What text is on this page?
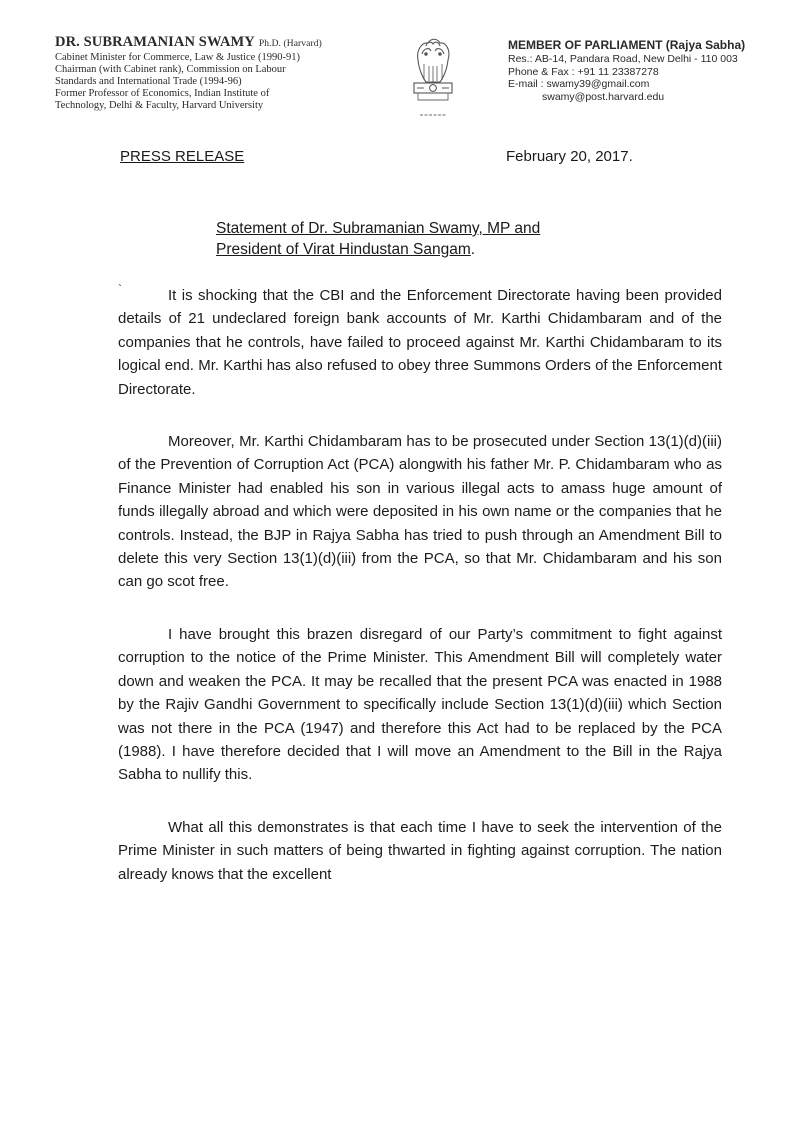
DR. SUBRAMANIAN SWAMY Ph.D. (Harvard)
Cabinet Minister for Commerce, Law & Justice (1990-91)
Chairman (with Cabinet rank), Commission on Labour
Standards and International Trade (1994-96)
Former Professor of Economics, Indian Institute of
Technology, Delhi & Faculty, Harvard University
MEMBER OF PARLIAMENT (Rajya Sabha)
Res.: AB-14, Pandara Road, New Delhi - 110 003
Phone & Fax : +91 11 23387278
E-mail : swamy39@gmail.com
swamy@post.harvard.edu
PRESS RELEASE	February 20, 2017.
Statement of Dr. Subramanian Swamy, MP and
President of Virat Hindustan Sangam.
`	It is shocking that the CBI and the Enforcement Directorate having been provided details of 21 undeclared foreign bank accounts of Mr. Karthi Chidambaram and of the companies that he controls, have failed to proceed against Mr. Karthi Chidambaram to its logical end. Mr. Karthi has also refused to obey three Summons Orders of the Enforcement Directorate.

Moreover, Mr. Karthi Chidambaram has to be prosecuted under Section 13(1)(d)(iii) of the Prevention of Corruption Act (PCA) alongwith his father Mr. P. Chidambaram who as Finance Minister had enabled his son in various illegal acts to amass huge amount of funds illegally abroad and which were deposited in his own name or the companies that he controls. Instead, the BJP in Rajya Sabha has tried to push through an Amendment Bill to delete this very Section 13(1)(d)(iii) from the PCA, so that Mr. Chidambaram and his son can go scot free.

I have brought this brazen disregard of our Party’s commitment to fight against corruption to the notice of the Prime Minister. This Amendment Bill will completely water down and weaken the PCA. It may be recalled that the present PCA was enacted in 1988 by the Rajiv Gandhi Government to specifically include Section 13(1)(d)(iii) which Section was not there in the PCA (1947) and therefore this Act had to be replaced by the PCA (1988). I have therefore decided that I will move an Amendment to the Bill in the Rajya Sabha to nullify this.

What all this demonstrates is that each time I have to seek the intervention of the Prime Minister in such matters of being thwarted in fighting against corruption. The nation already knows that the excellent
